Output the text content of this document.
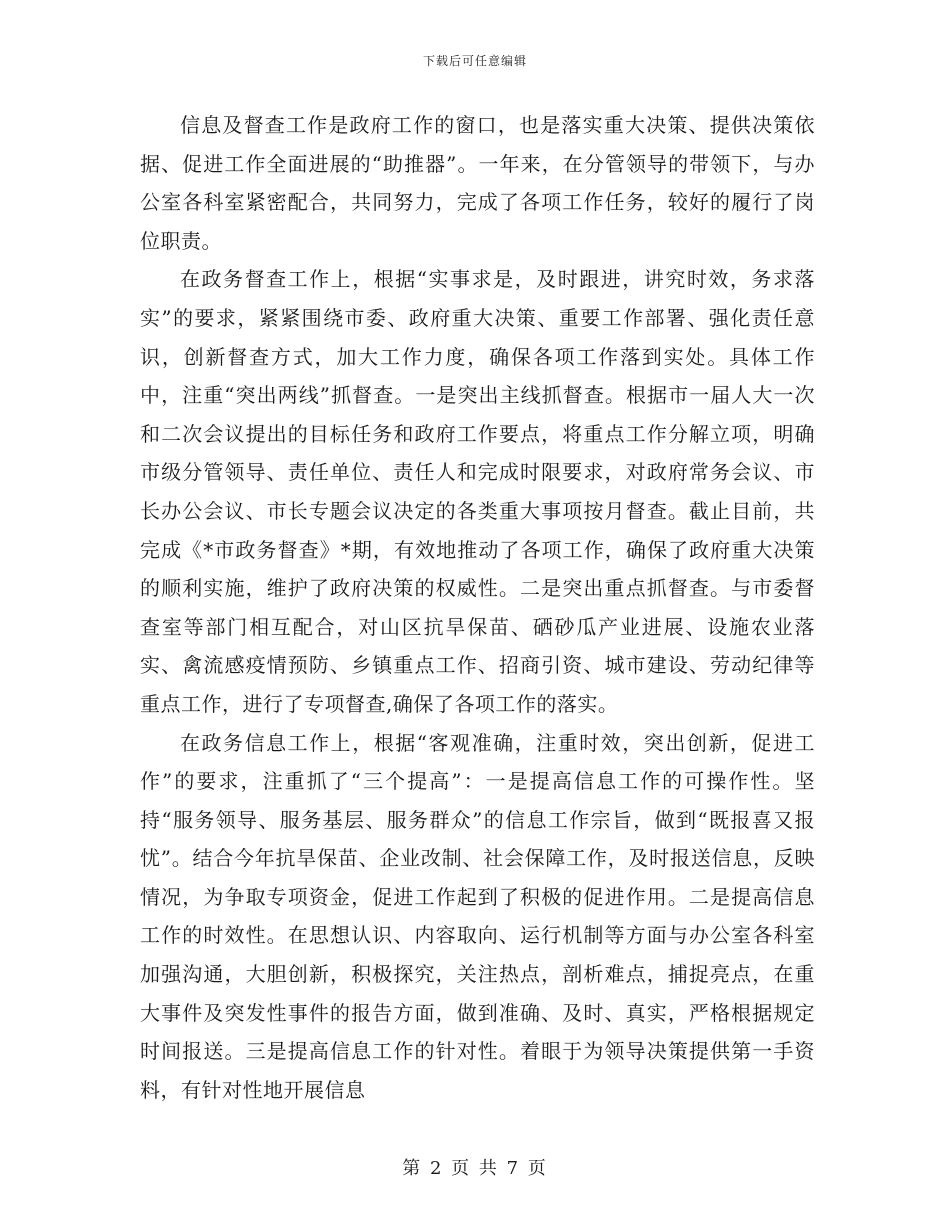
下载后可任意编辑

信息及督查工作是政府工作的窗口，也是落实重大决策、提供决策依据、促进工作全面进展的“助推器”。一年来，在分管领导的带领下，与办公室各科室紧密配合，共同努力，完成了各项工作任务，较好的履行了岗位职责。

在政务督查工作上，根据“实事求是，及时跟进，讲究时效，务求落实”的要求，紧紧围绕市委、政府重大决策、重要工作部署、强化责任意识，创新督查方式，加大工作力度，确保各项工作落到实处。具体工作中，注重“突出两线”抓督查。一是突出主线抓督查。根据市一届人大一次和二次会议提出的目标任务和政府工作要点，将重点工作分解立项，明确市级分管领导、责任单位、责任人和完成时限要求，对政府常务会议、市长办公会议、市长专题会议决定的各类重大事项按月督查。截止目前，共完成《*市政务督查》*期，有效地推动了各项工作，确保了政府重大决策的顺利实施，维护了政府决策的权威性。二是突出重点抓督查。与市委督查室等部门相互配合，对山区抗旱保苗、硒砂瓜产业进展、设施农业落实、禽流感疫情预防、乡镇重点工作、招商引资、城市建设、劳动纪律等重点工作，进行了专项督查,确保了各项工作的落实。

在政务信息工作上，根据“客观准确，注重时效，突出创新，促进工作”的要求，注重抓了“三个提高”：一是提高信息工作的可操作性。坚持“服务领导、服务基层、服务群众”的信息工作宗旨，做到“既报喜又报忧”。结合今年抗旱保苗、企业改制、社会保障工作，及时报送信息，反映情况，为争取专项资金，促进工作起到了积极的促进作用。二是提高信息工作的时效性。在思想认识、内容取向、运行机制等方面与办公室各科室加强沟通，大胆创新，积极探究，关注热点，剖析难点，捕捉亮点，在重大事件及突发性事件的报告方面，做到准确、及时、真实，严格根据规定时间报送。三是提高信息工作的针对性。着眼于为领导决策提供第一手资料，有针对性地开展信息

第 2 页 共 7 页
